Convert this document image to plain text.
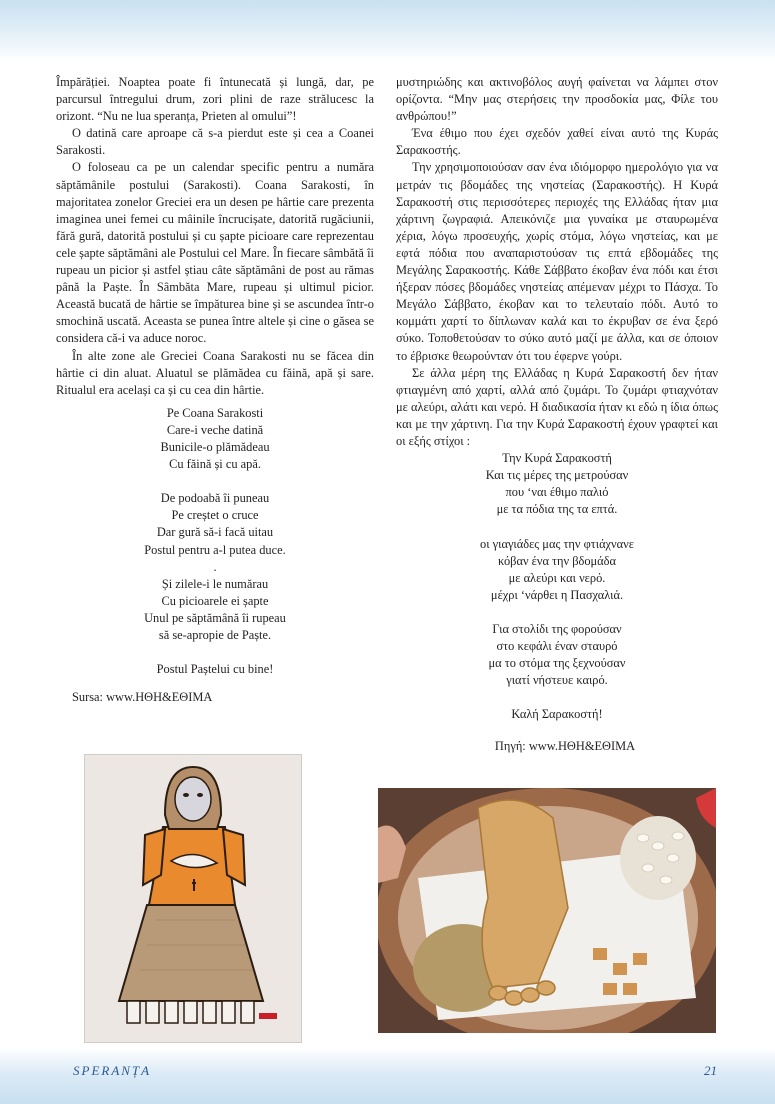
Împărăției. Noaptea poate fi întunecată și lungă, dar, pe parcursul întregului drum, zori plini de raze strălucesc la orizont. “Nu ne lua speranța, Prieten al omului”!

O datină care aproape că s-a pierdut este și cea a Coanei Sarakosti.

O foloseau ca pe un calendar specific pentru a număra săptămânile postului (Sarakosti). Coana Sarakosti, în majoritatea zonelor Greciei era un desen pe hârtie care prezenta imaginea unei femei cu mâinile încrucișate, datorită rugăciunii, fără gură, datorită postului și cu șapte picioare care reprezentau cele șapte săptămâni ale Postului cel Mare. În fiecare sâmbătă îi rupeau un picior și astfel știau câte săptămâni de post au rămas până la Paște. În Sâmbăta Mare, rupeau și ultimul picior. Această bucată de hârtie se împăturea bine și se ascundea într-o smochină uscată. Aceasta se punea între altele și cine o găsea se considera că-i va aduce noroc.

În alte zone ale Greciei Coana Sarakosti nu se făcea din hârtie ci din aluat. Aluatul se plămădea cu făină, apă și sare. Ritualul era același ca și cu cea din hârtie.

Pe Coana Sarakosti
Care-i veche datină
Bunicile-o plămădeau
Cu făină și cu apă.
De podoabă îi puneau
Pe creștet o cruce
Dar gură să-i facă uitau
Postul pentru a-l putea duce.
.
Și zilele-i le numărau
Cu picioarele ei șapte
Unul pe săptămână îi rupeau
să se-apropie de Paște.
Postul Paștelui cu bine!

Sursa: www.ΗΘΗ&ΕΘΙΜΑ

μυστηριώδης και ακτινοβόλος αυγή φαίνεται να λάμπει στον ορίζοντα. “Μην μας στερήσεις την προσδοκία μας, Φίλε του ανθρώπου!”

Ένα έθιμο που έχει σχεδόν χαθεί είναι αυτό της Κυράς Σαρακοστής.

Την χρησιμοποιούσαν σαν ένα ιδιόμορφο ημερολόγιο για να μετράν τις βδομάδες της νηστείας (Σαρακοστής). Η Κυρά Σαρακοστή στις περισσότερες περιοχές της Ελλάδας ήταν μια χάρτινη ζωγραφιά. Απεικόνιζε μια γυναίκα με σταυρωμένα χέρια, λόγω προσευχής, χωρίς στόμα, λόγω νηστείας, και με εφτά πόδια που αναπαριστούσαν τις επτά εβδομάδες της Μεγάλης Σαρακοστής. Κάθε Σάββατο έκοβαν ένα πόδι και έτσι ήξεραν πόσες βδομάδες νηστείας απέμεναν μέχρι το Πάσχα. Το Μεγάλο Σάββατο, έκοβαν και το τελευταίο πόδι. Αυτό το κομμάτι χαρτί το δίπλωναν καλά και το έκρυβαν σε ένα ξερό σύκο. Τοποθετούσαν το σύκο αυτό μαζί με άλλα, και σε όποιον το έβρισκε θεωρούνταν ότι του έφερνε γούρι.

Σε άλλα μέρη της Ελλάδας η Κυρά Σαρακοστή δεν ήταν φτιαγμένη από χαρτί, αλλά από ζυμάρι. Το ζυμάρι φτιαχνόταν με αλεύρι, αλάτι και νερό. Η διαδικασία ήταν κι εδώ η ίδια όπως και με την χάρτινη. Για την Κυρά Σαρακοστή έχουν γραφτεί και οι εξής στίχοι :

Την Κυρά Σαρακοστή
Και τις μέρες της μετρούσαν
που ‘ναι έθιμο παλιό
με τα πόδια της τα επτά.
οι γιαγιάδες μας την φτιάχνανε
κόβαν ένα την βδομάδα
με αλεύρι και νερό.
μέχρι ‘νάρθει η Πασχαλιά.
Για στολίδι της φορούσαν
στο κεφάλι έναν σταυρό
μα το στόμα της ξεχνούσαν
γιατί νήστευε καιρό.
Καλή Σαρακοστή!

Πηγή: www.ΗΘΗ&ΕΘΙΜΑ

SPERANȚA	21
